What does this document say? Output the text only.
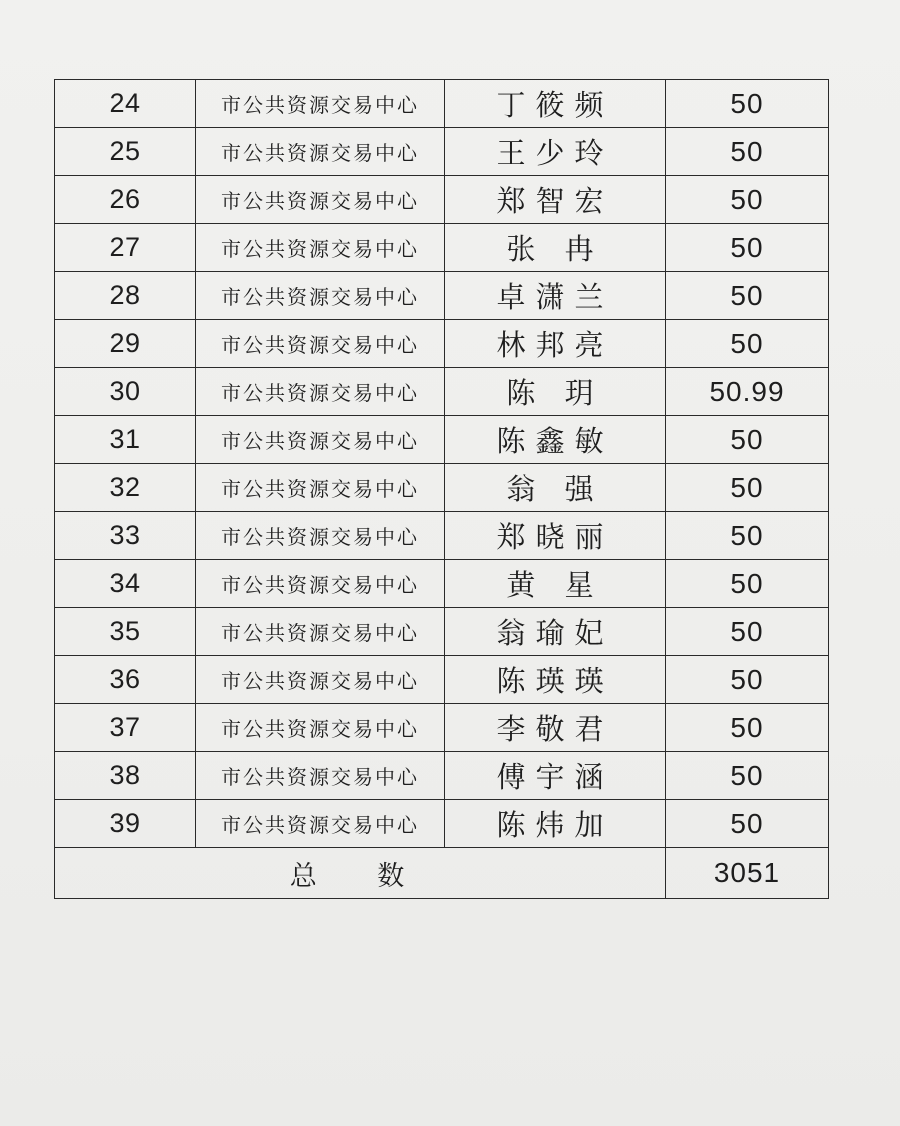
24	市公共资源交易中心	丁筱频	50
25	市公共资源交易中心	王少玲	50
26	市公共资源交易中心	郑智宏	50
27	市公共资源交易中心	张 冉	50
28	市公共资源交易中心	卓潇兰	50
29	市公共资源交易中心	林邦亮	50
30	市公共资源交易中心	陈 玥	50.99
31	市公共资源交易中心	陈鑫敏	50
32	市公共资源交易中心	翁 强	50
33	市公共资源交易中心	郑晓丽	50
34	市公共资源交易中心	黄 星	50
35	市公共资源交易中心	翁瑜妃	50
36	市公共资源交易中心	陈瑛瑛	50
37	市公共资源交易中心	李敬君	50
38	市公共资源交易中心	傅宇涵	50
39	市公共资源交易中心	陈炜加	50
总 数			3051
